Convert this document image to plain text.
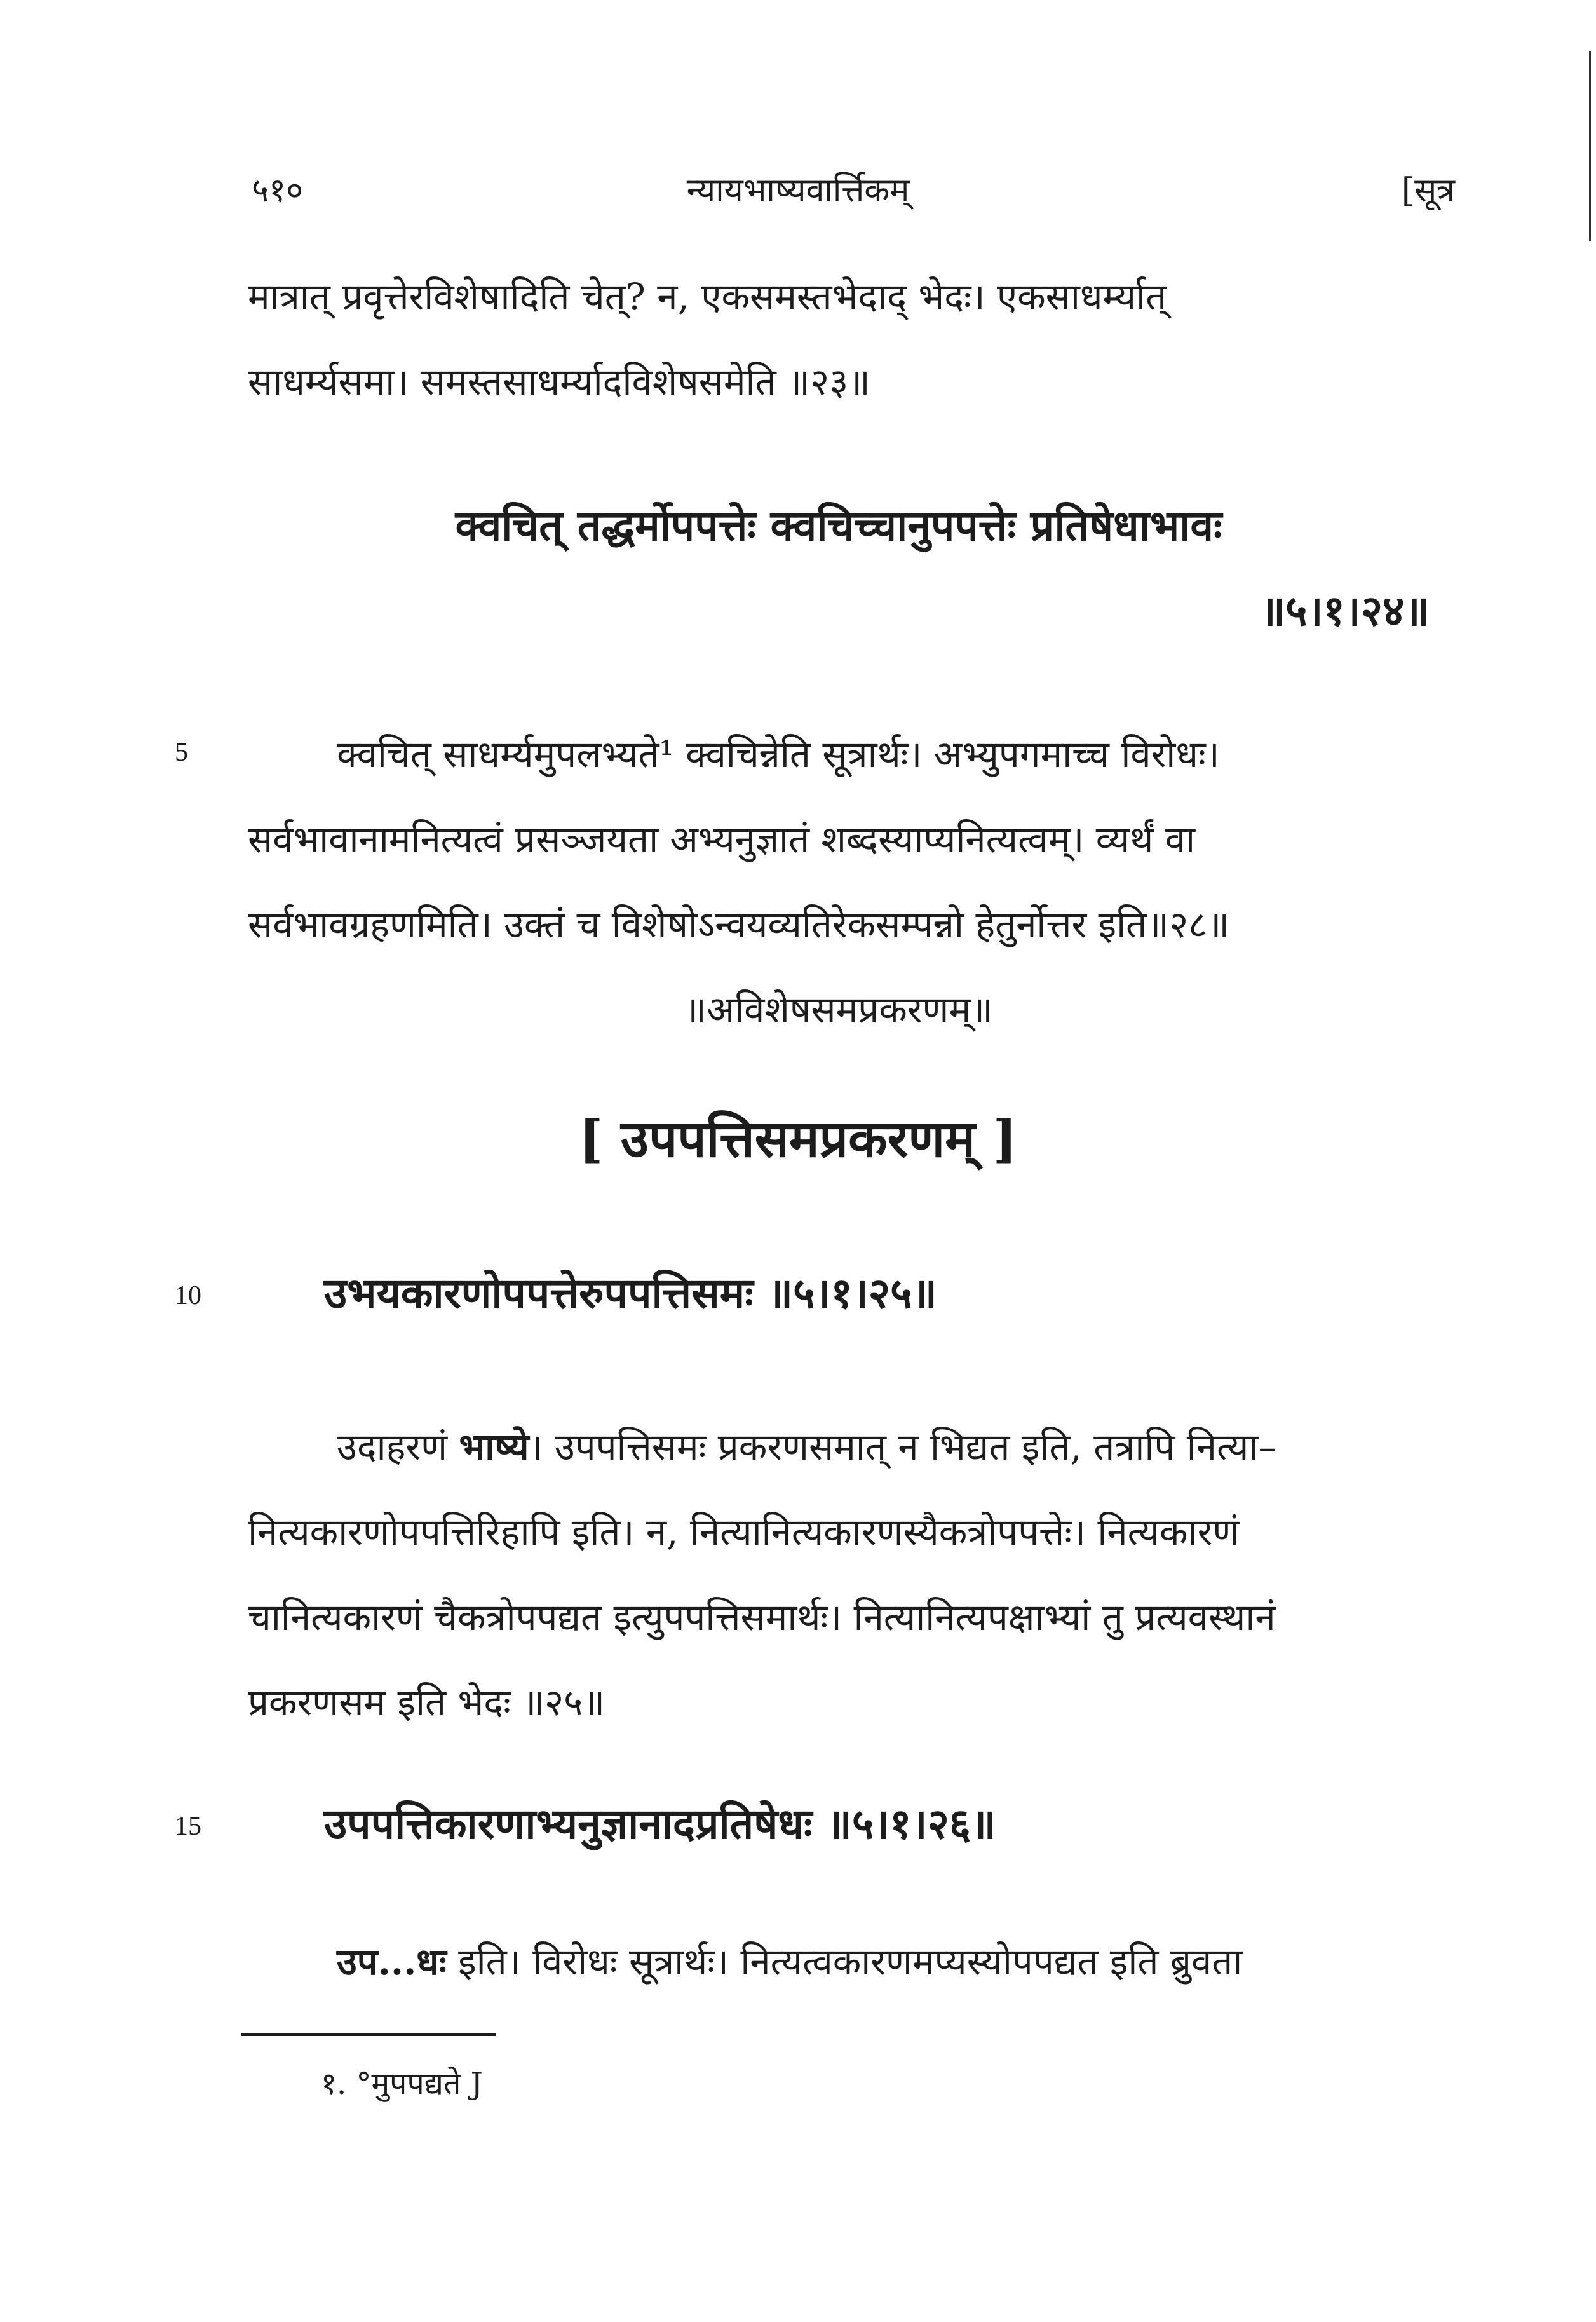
५१०	न्यायभाष्यवार्त्तिकम्	[सूत्र

मात्रात् प्रवृत्तेरविशेषादिति चेत्? न, एकसमस्तभेदाद् भेदः। एकसाधर्म्यात्

साधर्म्यसमा। समस्तसाधर्म्यादविशेषसमेति ॥२३॥

क्वचित् तद्धर्मोपपत्तेः क्वचिच्चानुपपत्तेः प्रतिषेधाभावः

॥५।१।२४॥

5	क्वचित् साधर्म्यमुपलभ्यते¹ क्वचिन्नेति सूत्रार्थः। अभ्युपगमाच्च विरोधः।

सर्वभावानामनित्यत्वं प्रसञ्जयता अभ्यनुज्ञातं शब्दस्याप्यनित्यत्वम्। व्यर्थं वा

सर्वभावग्रहणमिति। उक्तं च विशेषोऽन्वयव्यतिरेकसम्पन्नो हेतुर्नोत्तर इति॥२८॥

॥अविशेषसमप्रकरणम्॥

[ उपपत्तिसमप्रकरणम् ]
10	उभयकारणोपपत्तेरुपपत्तिसमः ॥५।१।२५॥

उदाहरणं भाष्ये। उपपत्तिसमः प्रकरणसमात् न भिद्यत इति, तत्रापि नित्या–

नित्यकारणोपपत्तिरिहापि इति। न, नित्यानित्यकारणस्यैकत्रोपपत्तेः। नित्यकारणं

चानित्यकारणं चैकत्रोपपद्यत इत्युपपत्तिसमार्थः। नित्यानित्यपक्षाभ्यां तु प्रत्यवस्थानं

प्रकरणसम इति भेदः ॥२५॥

15	उपपत्तिकारणाभ्यनुज्ञानादप्रतिषेधः ॥५।१।२६॥

उप...धः इति। विरोधः सूत्रार्थः। नित्यत्वकारणमप्यस्योपपद्यत इति ब्रुवता

१. °मुपपद्यते J
